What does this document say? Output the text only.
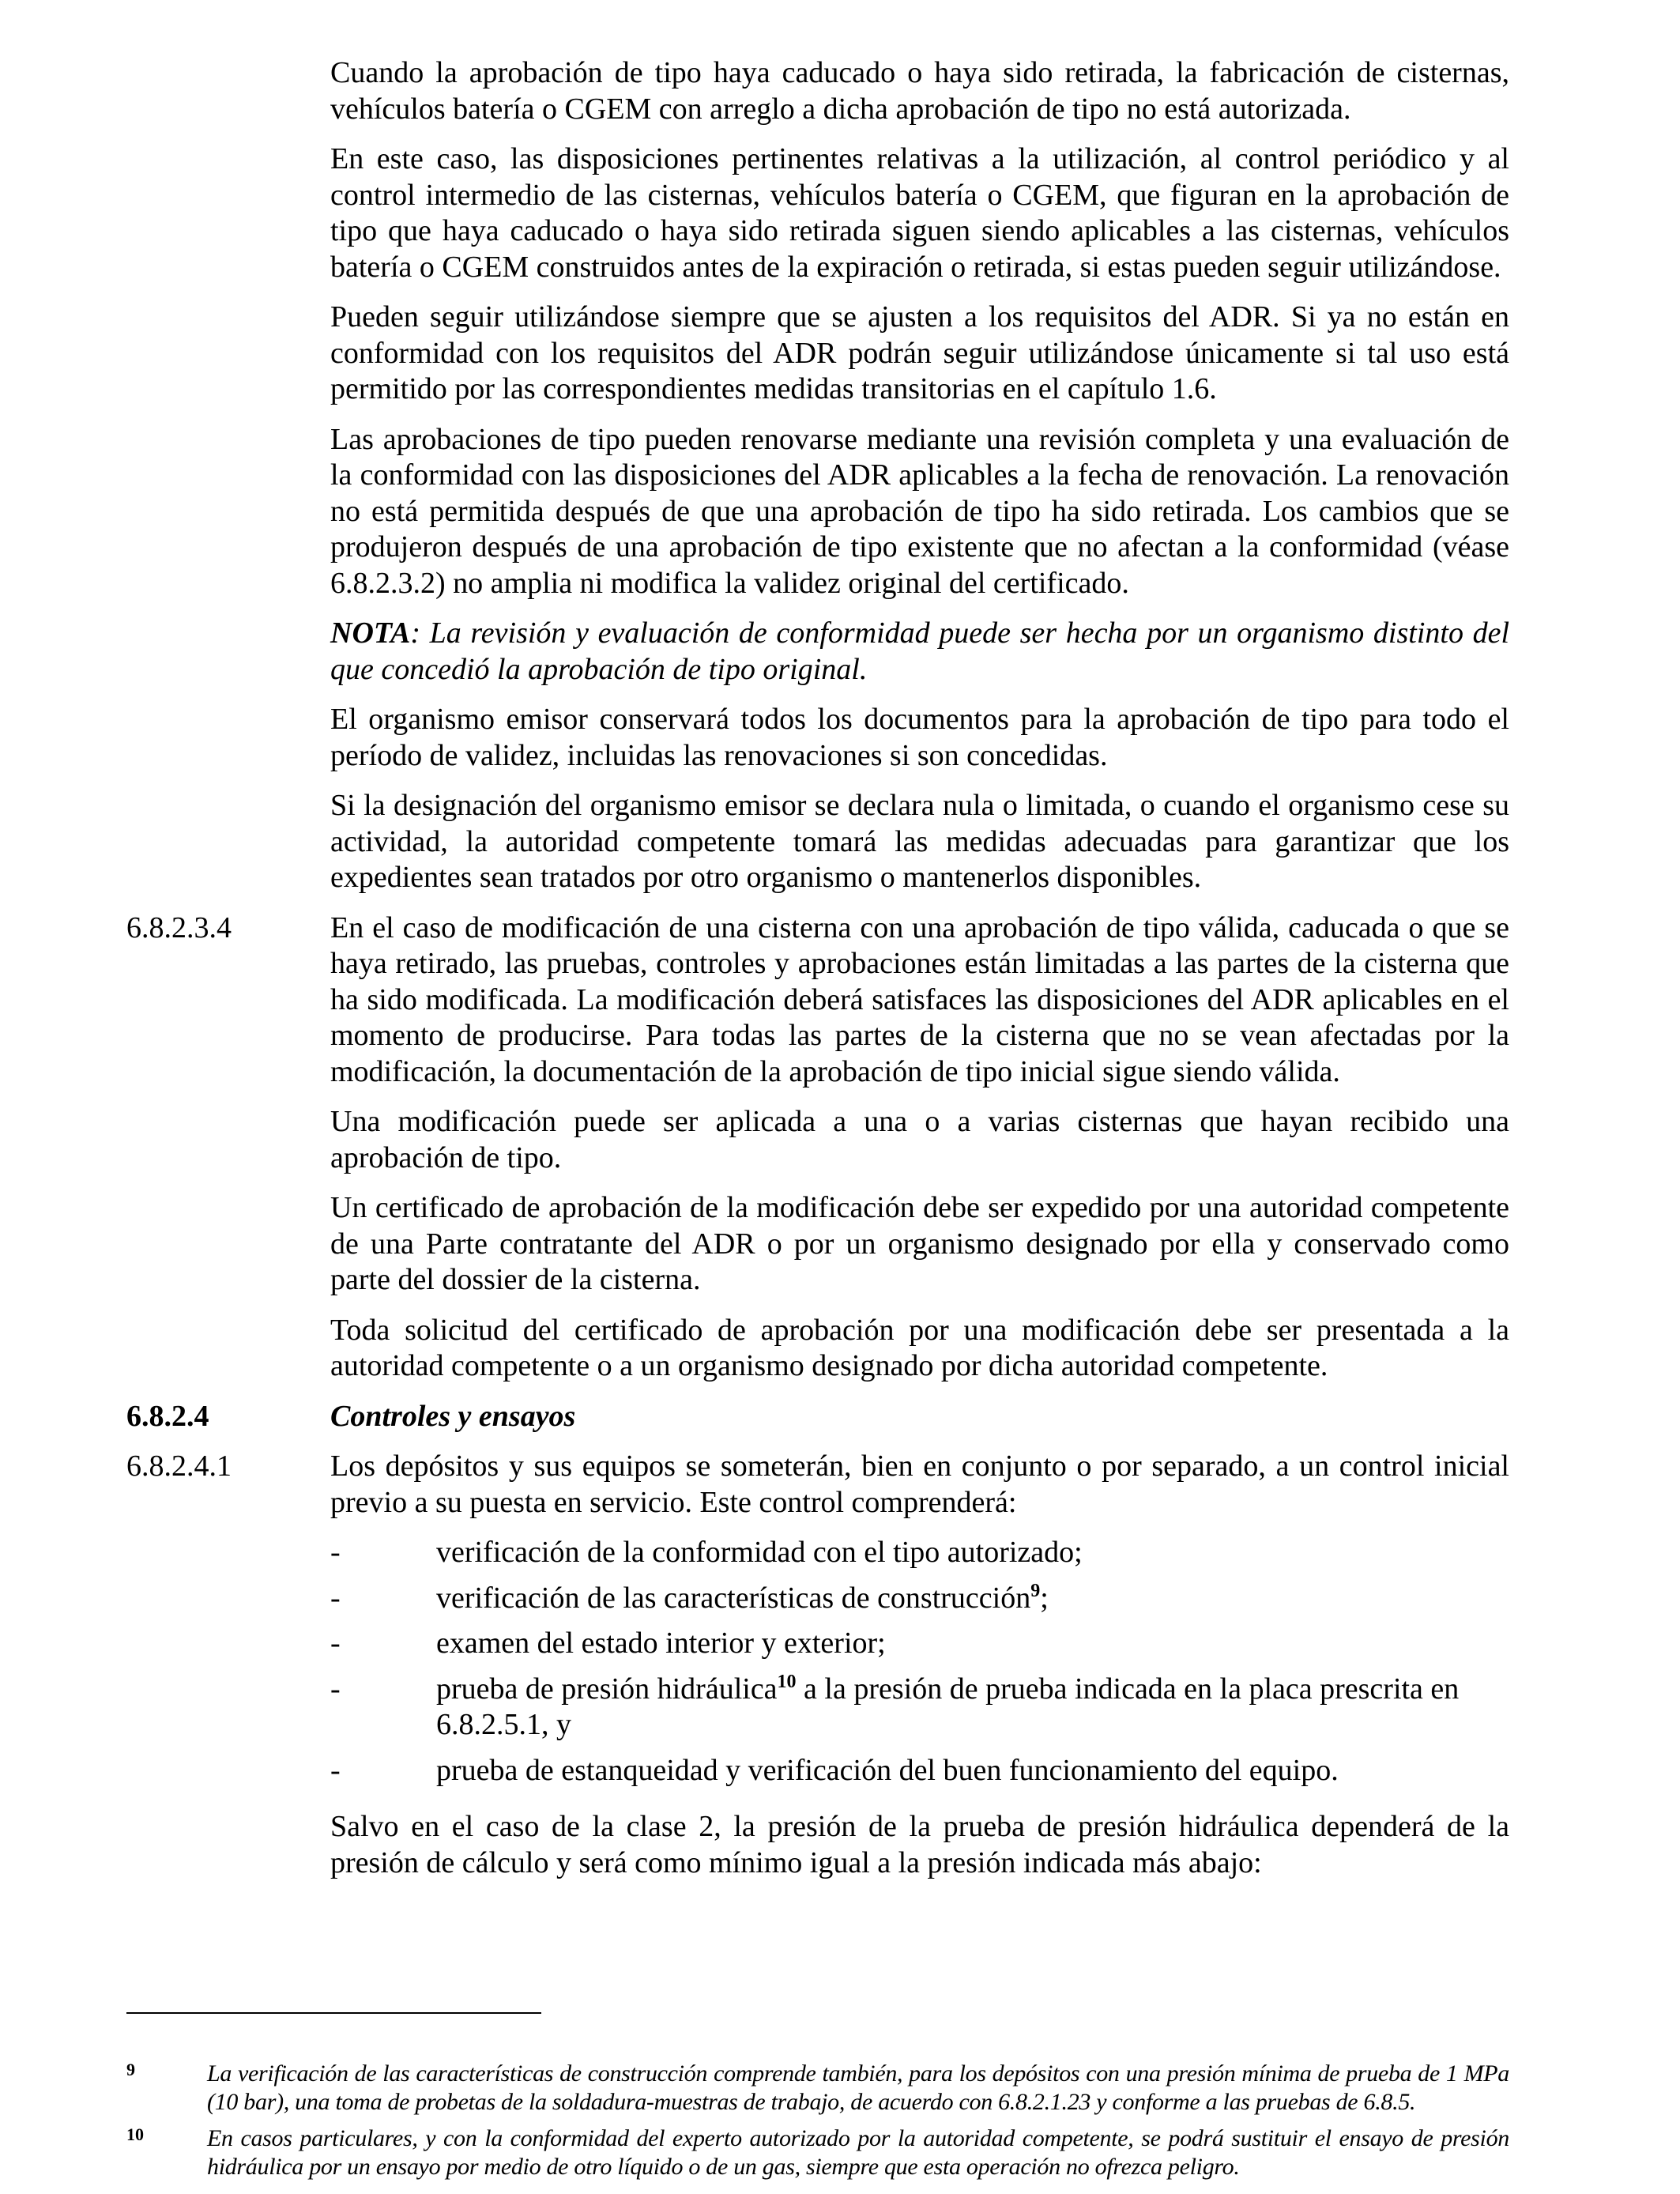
Cuando la aprobación de tipo haya caducado o haya sido retirada, la fabricación de cisternas, vehículos batería o CGEM con arreglo a dicha aprobación de tipo no está autorizada.

En este caso, las disposiciones pertinentes relativas a la utilización, al control periódico y al control intermedio de las cisternas, vehículos batería o CGEM, que figuran en la aprobación de tipo que haya caducado o haya sido retirada siguen siendo aplicables a las cisternas, vehículos batería o CGEM construidos antes de la expiración o retirada, si estas pueden seguir utilizándose.

Pueden seguir utilizándose siempre que se ajusten a los requisitos del ADR. Si ya no están en conformidad con los requisitos del ADR podrán seguir utilizándose únicamente si tal uso está permitido por las correspondientes medidas transitorias en el capítulo 1.6.

Las aprobaciones de tipo pueden renovarse mediante una revisión completa y una evaluación de la conformidad con las disposiciones del ADR aplicables a la fecha de renovación. La renovación no está permitida después de que una aprobación de tipo ha sido retirada. Los cambios que se produjeron después de una aprobación de tipo existente que no afectan a la conformidad (véase 6.8.2.3.2) no amplia ni modifica la validez original del certificado.

NOTA: La revisión y evaluación de conformidad puede ser hecha por un organismo distinto del que concedió la aprobación de tipo original.

El organismo emisor conservará todos los documentos para la aprobación de tipo para todo el período de validez, incluidas las renovaciones si son concedidas.

Si la designación del organismo emisor se declara nula o limitada, o cuando el organismo cese su actividad, la autoridad competente tomará las medidas adecuadas para garantizar que los expedientes sean tratados por otro organismo o mantenerlos disponibles.

6.8.2.3.4	En el caso de modificación de una cisterna con una aprobación de tipo válida, caducada o que se haya retirado, las pruebas, controles y aprobaciones están limitadas a las partes de la cisterna que ha sido modificada. La modificación deberá satisfaces las disposiciones del ADR aplicables en el momento de producirse. Para todas las partes de la cisterna que no se vean afectadas por la modificación, la documentación de la aprobación de tipo inicial sigue siendo válida.

Una modificación puede ser aplicada a una o a varias cisternas que hayan recibido una aprobación de tipo.

Un certificado de aprobación de la modificación debe ser expedido por una autoridad competente de una Parte contratante del ADR o por un organismo designado por ella y conservado como parte del dossier de la cisterna.

Toda solicitud del certificado de aprobación por una modificación debe ser presentada a la autoridad competente o a un organismo designado por dicha autoridad competente.

6.8.2.4	Controles y ensayos
6.8.2.4.1	Los depósitos y sus equipos se someterán, bien en conjunto o por separado, a un control inicial previo a su puesta en servicio. Este control comprenderá:
-	verificación de la conformidad con el tipo autorizado;
-	verificación de las características de construcción$^9$;
-	examen del estado interior y exterior;
-	prueba de presión hidráulica$^{10}$ a la presión de prueba indicada en la placa prescrita en 6.8.2.5.1, y
-	prueba de estanqueidad y verificación del buen funcionamiento del equipo.

Salvo en el caso de la clase 2, la presión de la prueba de presión hidráulica dependerá de la presión de cálculo y será como mínimo igual a la presión indicada más abajo:

9	La verificación de las características de construcción comprende también, para los depósitos con una presión mínima de prueba de 1 MPa (10 bar), una toma de probetas de la soldadura-muestras de trabajo, de acuerdo con 6.8.2.1.23 y conforme a las pruebas de 6.8.5.
10	En casos particulares, y con la conformidad del experto autorizado por la autoridad competente, se podrá sustituir el ensayo de presión hidráulica por un ensayo por medio de otro líquido o de un gas, siempre que esta operación no ofrezca peligro.
